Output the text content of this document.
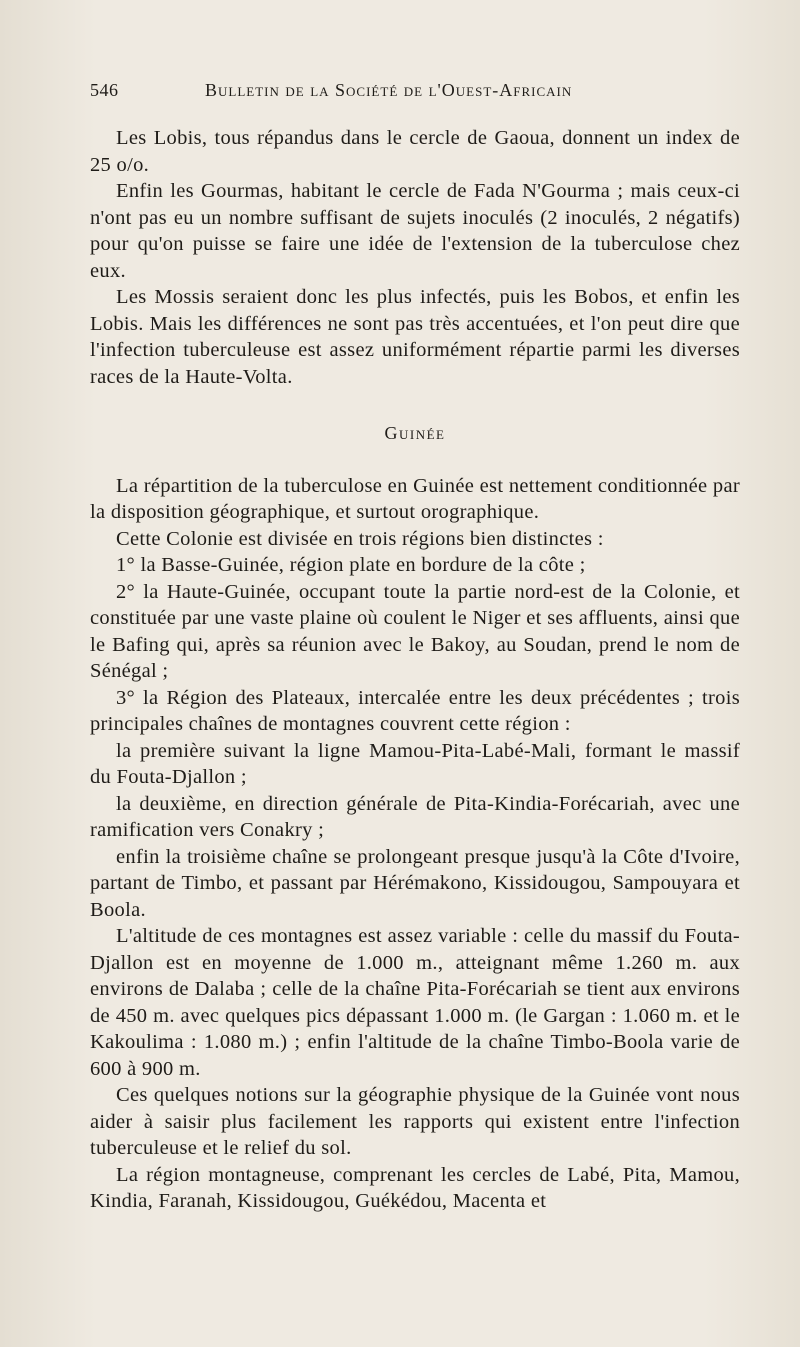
546	Bulletin de la Société de l'Ouest-Africain

Les Lobis, tous répandus dans le cercle de Gaoua, donnent un index de 25 o/o.

Enfin les Gourmas, habitant le cercle de Fada N'Gourma ; mais ceux-ci n'ont pas eu un nombre suffisant de sujets inoculés (2 inoculés, 2 négatifs) pour qu'on puisse se faire une idée de l'extension de la tuberculose chez eux.

Les Mossis seraient donc les plus infectés, puis les Bobos, et enfin les Lobis. Mais les différences ne sont pas très accentuées, et l'on peut dire que l'infection tuberculeuse est assez uniformément répartie parmi les diverses races de la Haute-Volta.

Guinée

La répartition de la tuberculose en Guinée est nettement conditionnée par la disposition géographique, et surtout orographique.

Cette Colonie est divisée en trois régions bien distinctes :

1° la Basse-Guinée, région plate en bordure de la côte ;

2° la Haute-Guinée, occupant toute la partie nord-est de la Colonie, et constituée par une vaste plaine où coulent le Niger et ses affluents, ainsi que le Bafing qui, après sa réunion avec le Bakoy, au Soudan, prend le nom de Sénégal ;

3° la Région des Plateaux, intercalée entre les deux précédentes ; trois principales chaînes de montagnes couvrent cette région :

la première suivant la ligne Mamou-Pita-Labé-Mali, formant le massif du Fouta-Djallon ;

la deuxième, en direction générale de Pita-Kindia-Forécariah, avec une ramification vers Conakry ;

enfin la troisième chaîne se prolongeant presque jusqu'à la Côte d'Ivoire, partant de Timbo, et passant par Hérémakono, Kissidougou, Sampouyara et Boola.

L'altitude de ces montagnes est assez variable : celle du massif du Fouta-Djallon est en moyenne de 1.000 m., atteignant même 1.260 m. aux environs de Dalaba ; celle de la chaîne Pita-Forécariah se tient aux environs de 450 m. avec quelques pics dépassant 1.000 m. (le Gargan : 1.060 m. et le Kakoulima : 1.080 m.) ; enfin l'altitude de la chaîne Timbo-Boola varie de 600 à 900 m.

Ces quelques notions sur la géographie physique de la Guinée vont nous aider à saisir plus facilement les rapports qui existent entre l'infection tuberculeuse et le relief du sol.

La région montagneuse, comprenant les cercles de Labé, Pita, Mamou, Kindia, Faranah, Kissidougou, Guékédou, Macenta et
